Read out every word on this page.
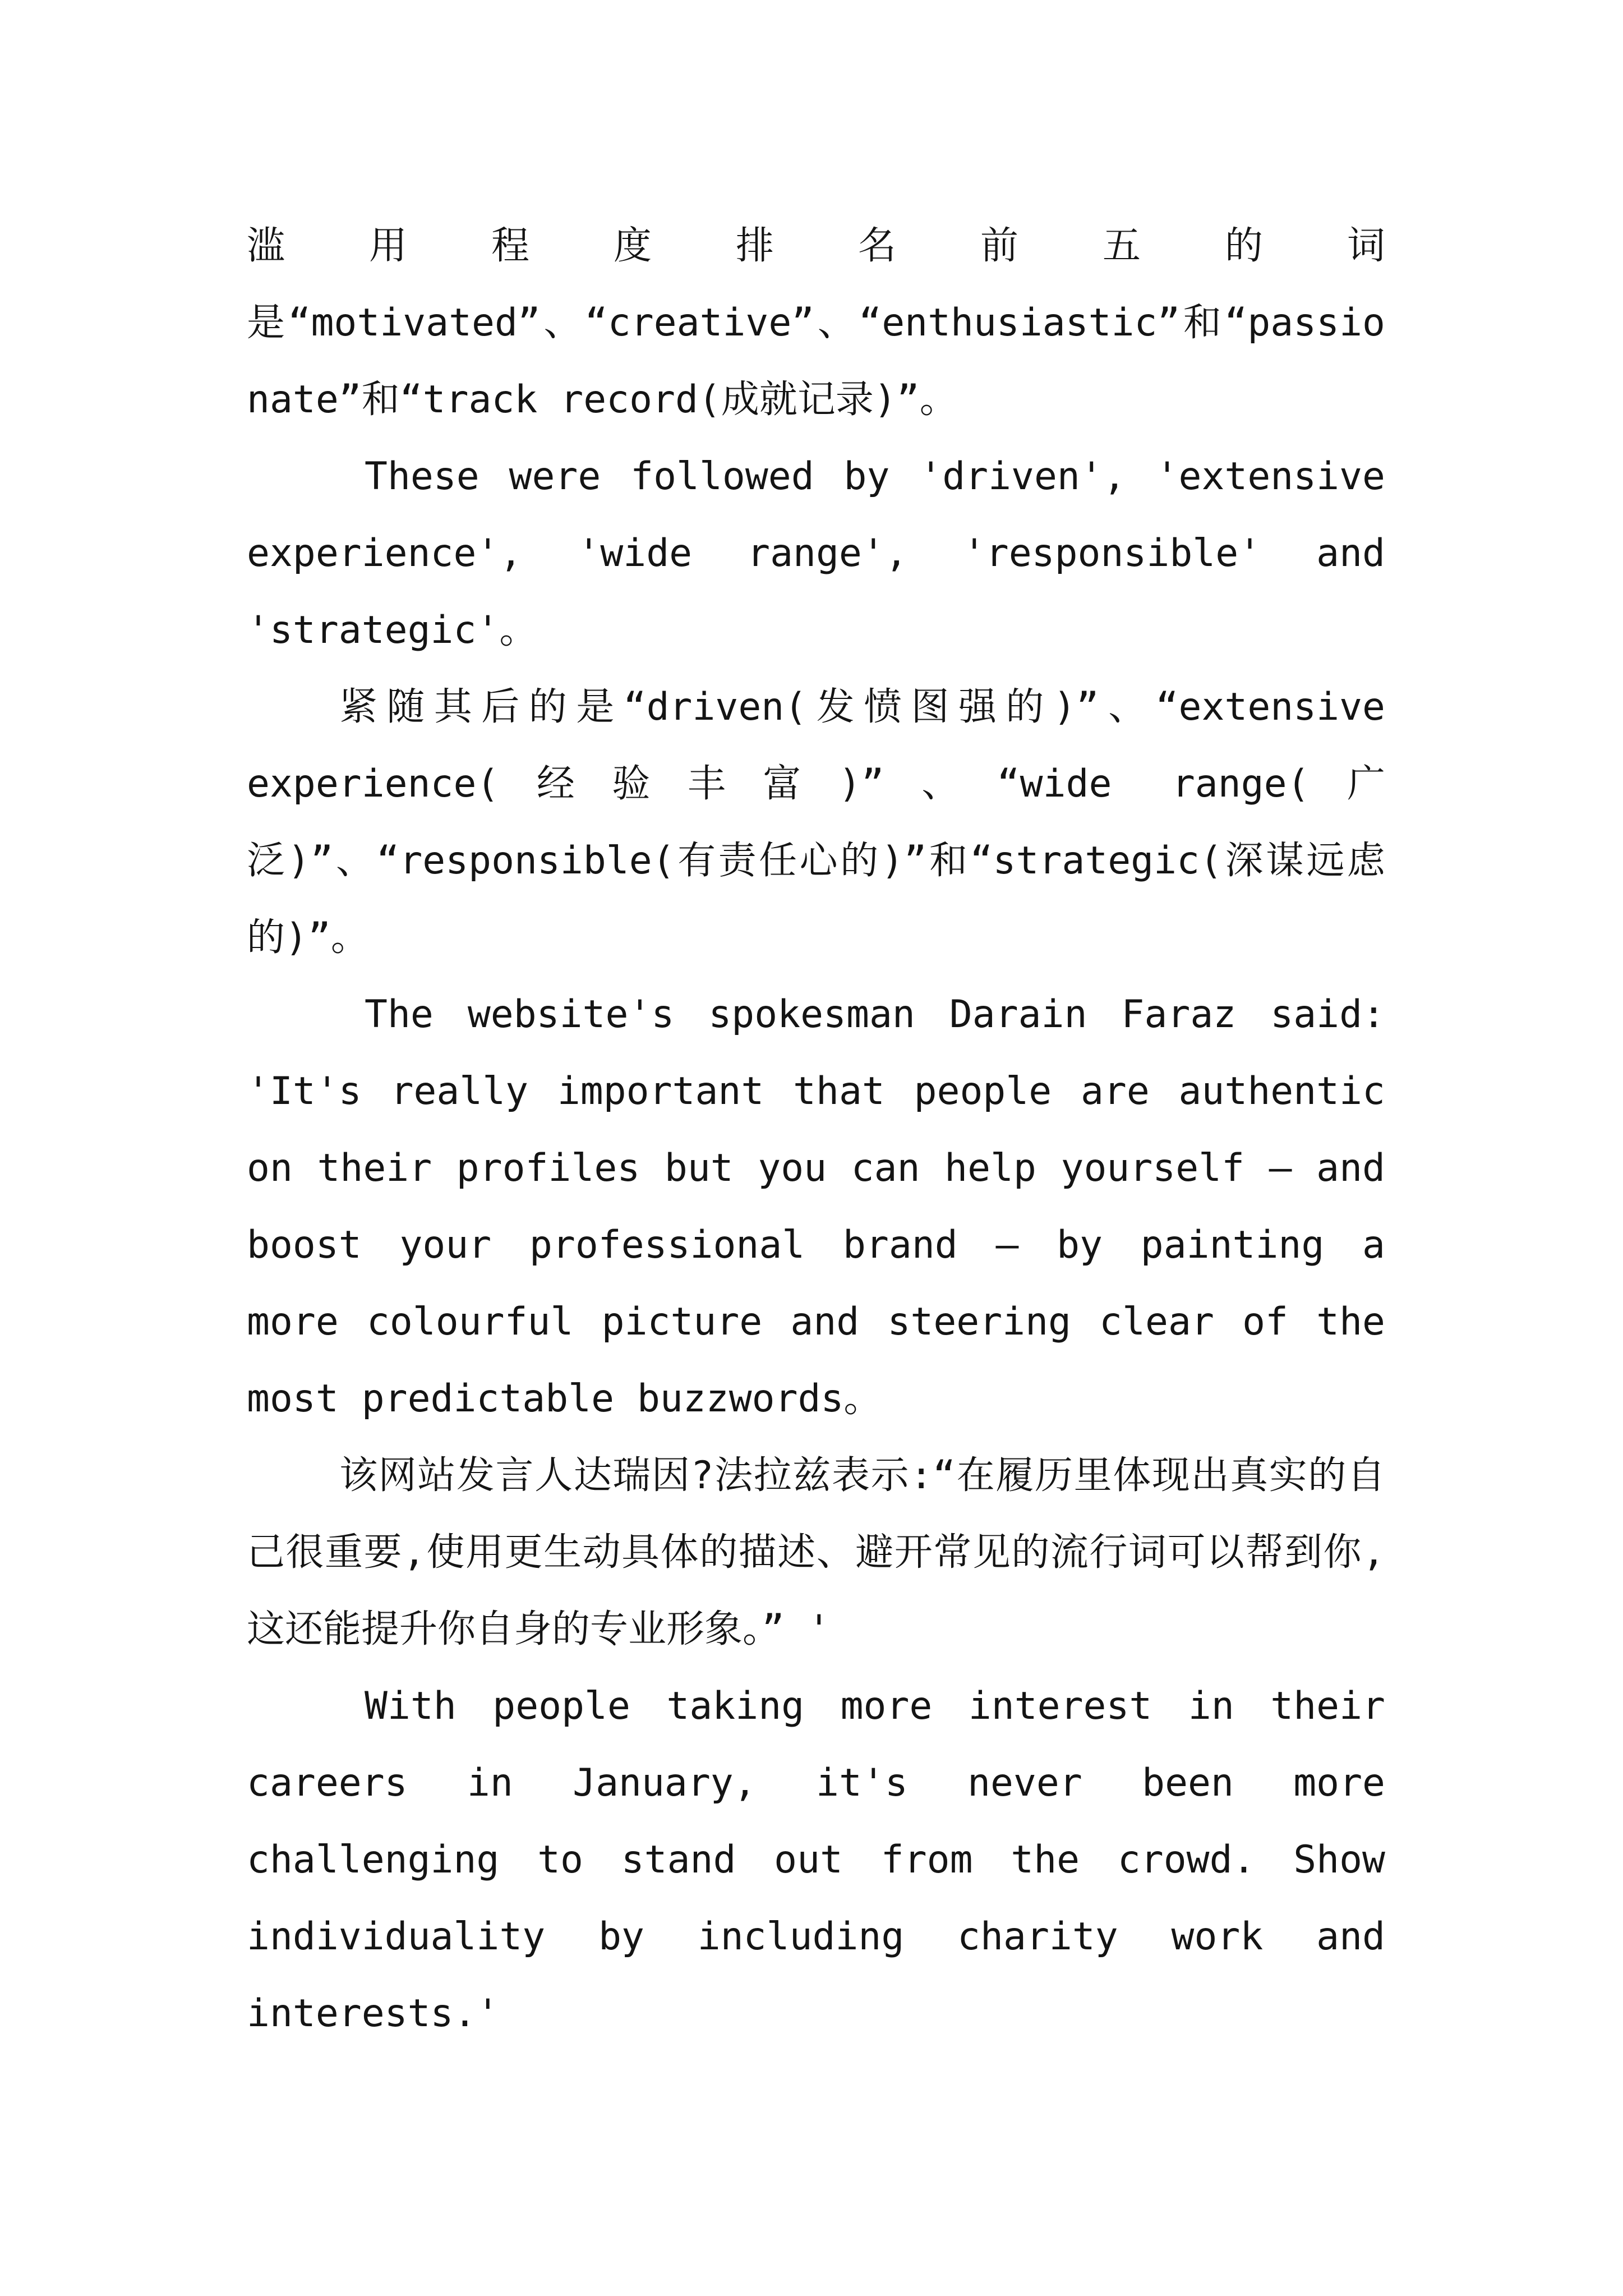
滥用程度排名前五的词是“motivated”、“creative”、“enthusiastic”和“passionate”和“track record(成就记录)”。

These were followed by 'driven', 'extensive experience', 'wide range', 'responsible' and 'strategic'。

紧随其后的是“driven(发愤图强的)”、“extensive experience(经验丰富)”、“wide range(广泛)”、“responsible(有责任心的)”和“strategic(深谋远虑的)”。

The website's spokesman Darain Faraz said: 'It's really important that people are authentic on their profiles but you can help yourself – and boost your professional brand – by painting a more colourful picture and steering clear of the most predictable buzzwords。

该网站发言人达瑞因?法拉兹表示:“在履历里体现出真实的自己很重要,使用更生动具体的描述、避开常见的流行词可以帮到你,这还能提升你自身的专业形象。” '

With people taking more interest in their careers in January, it's never been more challenging to stand out from the crowd. Show individuality by including charity work and interests.'
